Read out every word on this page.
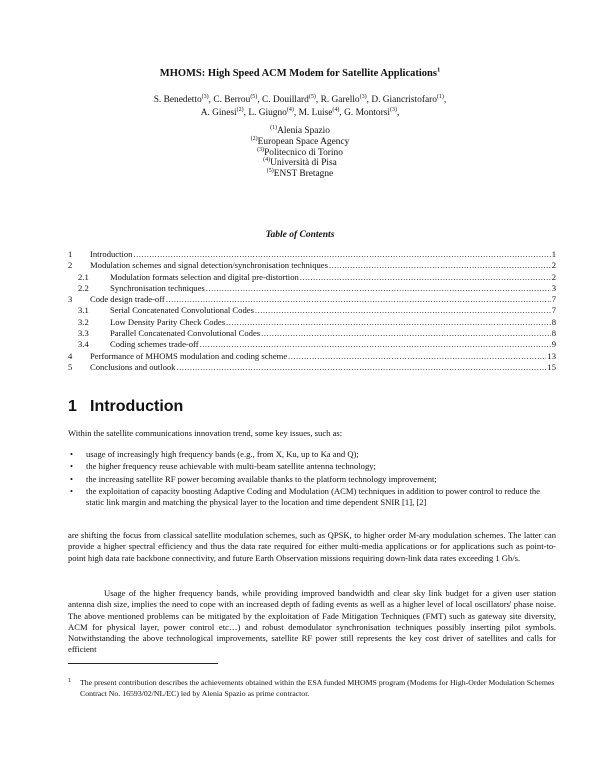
MHOMS: High Speed ACM Modem for Satellite Applications$^1$
S. Benedetto$^{(3)}$, C. Berrou$^{(5)}$, C. Douillard$^{(5)}$, R. Garello$^{(3)}$, D. Giancristofaro$^{(1)}$,
A. Ginesi$^{(2)}$, L. Giugno$^{(4)}$, M. Luise$^{(4)}$, G. Montorsi$^{(3)}$,
$^{(1)}$Alenia Spazio
$^{(2)}$European Space Agency
$^{(3)}$Politecnico di Torino
$^{(4)}$Università di Pisa
$^{(5)}$ENST Bretagne
Table of Contents
1	Introduction .....	1
2	Modulation schemes and signal detection/synchronisation techniques .....	2
2.1	Modulation formats selection and digital pre-distortion .....	2
2.2	Synchronisation techniques .....	3
3	Code design trade-off .....	7
3.1	Serial Concatenated Convolutional Codes .....	7
3.2	Low Density Parity Check Codes .....	8
3.3	Parallel Concatenated Convolutional Codes .....	8
3.4	Coding schemes trade-off .....	9
4	Performance of MHOMS modulation and coding scheme .....	13
5	Conclusions and outlook .....	15
1 Introduction
Within the satellite communications innovation trend, some key issues, such as:
• usage of increasingly high frequency bands (e.g., from X, Ku, up to Ka and Q);
• the higher frequency reuse achievable with multi-beam satellite antenna technology;
• the increasing satellite RF power becoming available thanks to the platform technology improvement;
• the exploitation of capacity boosting Adaptive Coding and Modulation (ACM) techniques in addition to power control to reduce the static link margin and matching the physical layer to the location and time dependent SNIR [1], [2]
are shifting the focus from classical satellite modulation schemes, such as QPSK, to higher order M-ary modulation schemes. The latter can provide a higher spectral efficiency and thus the data rate required for either multi-media applications or for applications such as point-to-point high data rate backbone connectivity, and future Earth Observation missions requiring down-link data rates exceeding 1 Gb/s.
Usage of the higher frequency bands, while providing improved bandwidth and clear sky link budget for a given user station antenna dish size, implies the need to cope with an increased depth of fading events as well as a higher level of local oscillators' phase noise. The above mentioned problems can be mitigated by the exploitation of Fade Mitigation Techniques (FMT) such as gateway site diversity, ACM for physical layer, power control etc…) and robust demodulator synchronisation techniques possibly inserting pilot symbols. Notwithstanding the above technological improvements, satellite RF power still represents the key cost driver of satellites and calls for efficient
1	The present contribution describes the achievements obtained within the ESA funded MHOMS program (Modems for High-Order Modulation Schemes Contract No. 16593/02/NL/EC) led by Alenia Spazio as prime contractor.
